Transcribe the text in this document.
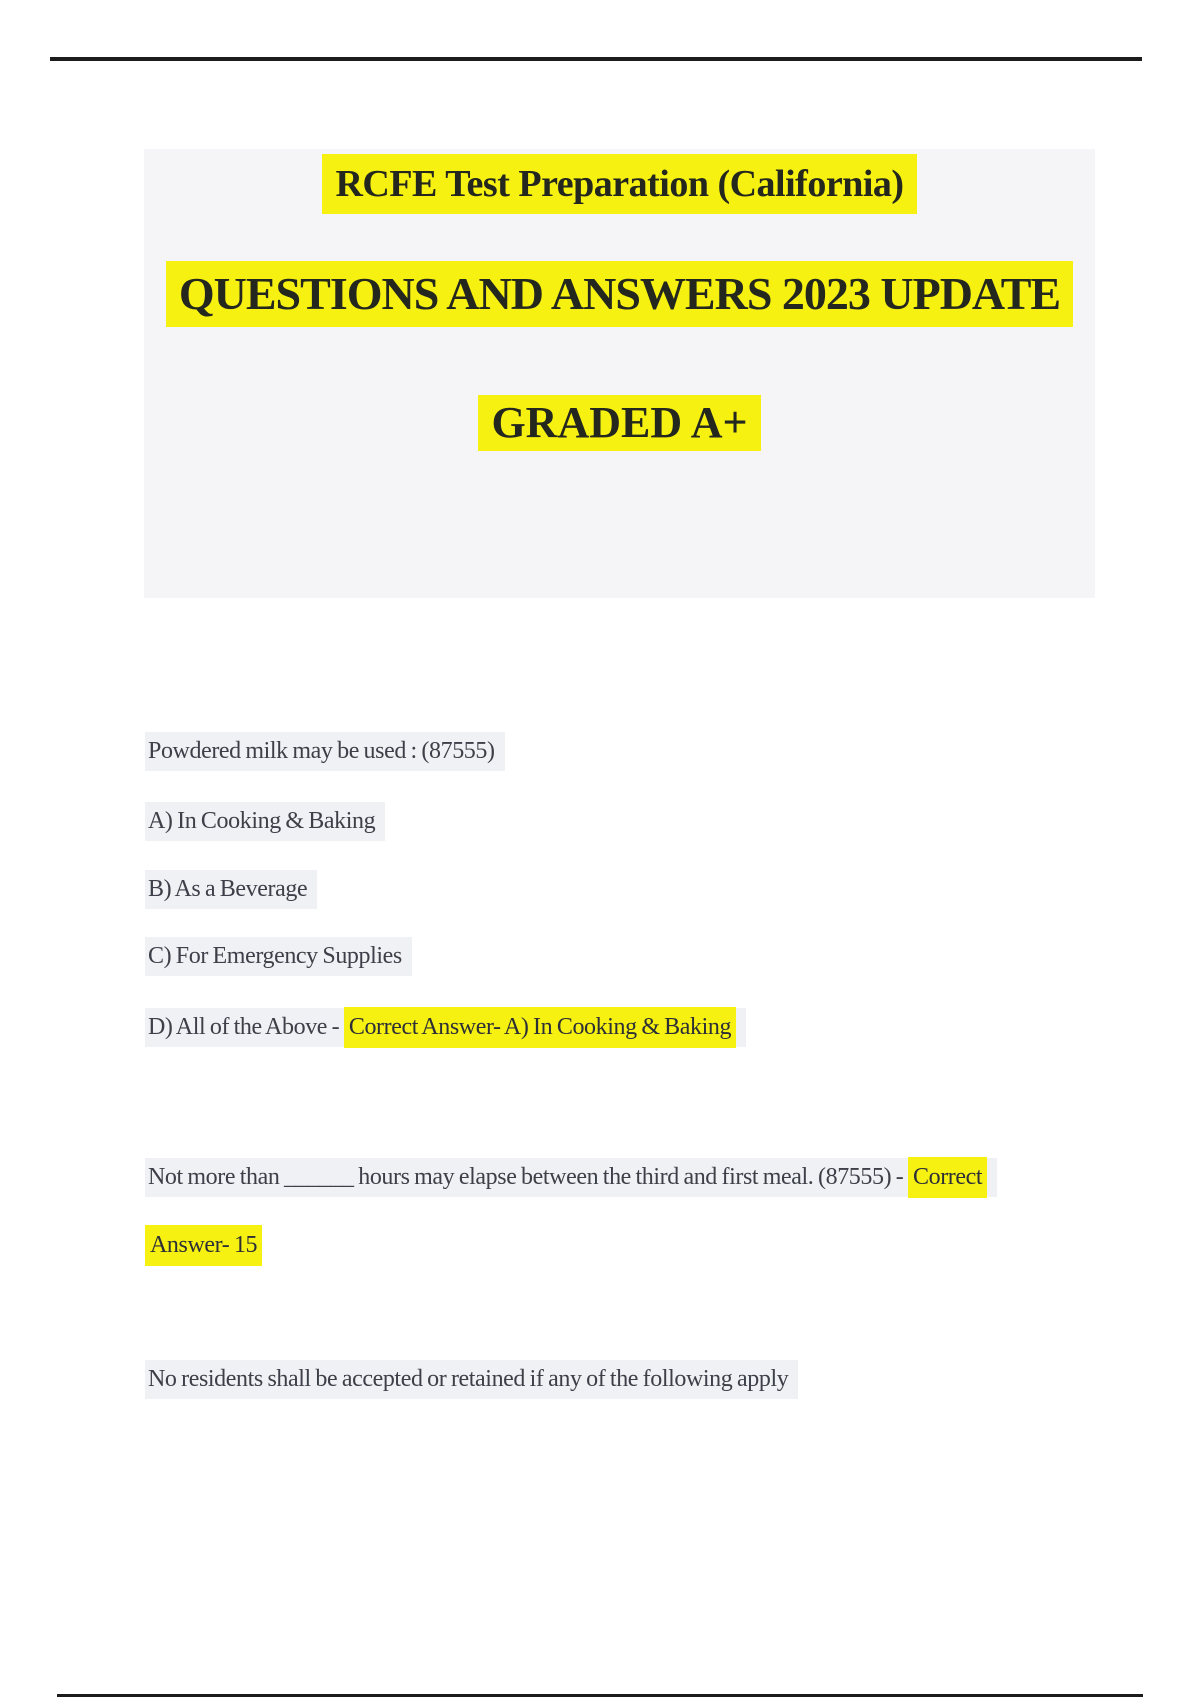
RCFE Test Preparation (California)
QUESTIONS AND ANSWERS 2023 UPDATE
GRADED A+
Powdered milk may be used : (87555)
A) In Cooking & Baking
B) As a Beverage
C) For Emergency Supplies
D) All of the Above - Correct Answer- A) In Cooking & Baking
Not more than ______ hours may elapse between the third and first meal. (87555) - Correct
Answer- 15
No residents shall be accepted or retained if any of the following apply
